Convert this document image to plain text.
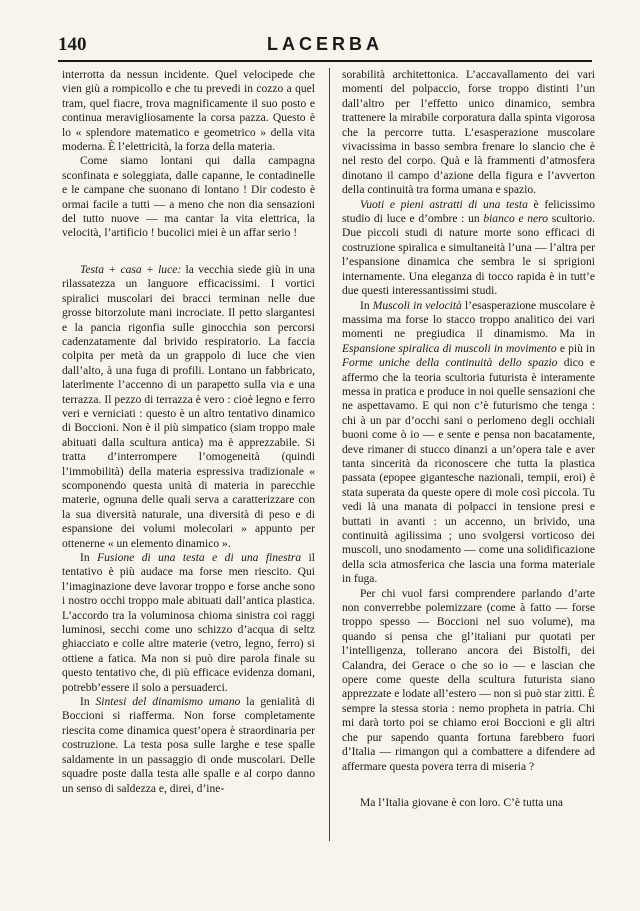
140	LACERBA

interrotta da nessun incidente. Quel velocipede che vien giù a rompicollo e che tu prevedi in cozzo a quel tram, quel fiacre, trova magnificamente il suo posto e continua meravigliosamente la corsa pazza. Questo è lo « splendore matematico e geometrico » della vita moderna. È l’elettricità, la forza della materia.

Come siamo lontani qui dalla campagna sconfinata e soleggiata, dalle capanne, le contadinelle e le campane che suonano di lontano ! Dir codesto è ormai facile a tutti — a meno che non dia sensazioni del tutto nuove — ma cantar la vita elettrica, la velocità, l’artificio ! bucolici miei è un affar serio !

Testa + casa + luce: la vecchia siede giù in una rilassatezza un languore efficacissimi. I vortici spiralici muscolari dei bracci terminan nelle due grosse bitorzolute mani incrociate. Il petto slargantesi e la pancia rigonfia sulle ginocchia son percorsi cadenzatamente dal brivido respiratorio. La faccia colpita per metà da un grappolo di luce che vien dall’alto, à una fuga di profili. Lontano un fabbricato, laterlmente l’accenno di un parapetto sulla via e una terrazza. Il pezzo di terrazza è vero : cioè legno e ferro veri e verniciati : questo è un altro tentativo dinamico di Boccioni. Non è il più simpatico (siam troppo male abituati dalla scultura antica) ma è apprezzabile. Si tratta d’interrompere l’omogeneità (quindi l’immobilità) della materia espressiva tradizionale « scomponendo questa unità di materia in parecchie materie, ognuna delle quali serva a caratterizzare con la sua diversità naturale, una diversità di peso e di espansione dei volumi molecolari » appunto per ottenerne « un elemento dinamico ».

In Fusione di una testa e di una finestra il tentativo è più audace ma forse men riescito. Qui l’imaginazione deve lavorar troppo e forse anche sono i nostro occhi troppo male abituati dall’antica plastica. L’accordo tra la voluminosa chioma sinistra coi raggi luminosi, secchi come uno schizzo d’acqua di seltz ghiacciato e colle altre materie (vetro, legno, ferro) si ottiene a fatica. Ma non si può dire parola finale su questo tentativo che, di più efficace evidenza domani, potrebb’essere il solo a persuaderci.

In Sintesi del dinamismo umano la genialità di Boccioni si riafferma. Non forse completamente riescita come dinamica quest’opera è straordinaria per costruzione. La testa posa sulle larghe e tese spalle saldamente in un passaggio di onde muscolari. Delle squadre poste dalla testa alle spalle e al corpo danno un senso di saldezza e, direi, d’ine-

sorabilità architettonica. L’accavallamento dei vari momenti del polpaccio, forse troppo distinti l’un dall’altro per l’effetto unico dinamico, sembra trattenere la mirabile corporatura dalla spinta vigorosa che la percorre tutta. L’esasperazione muscolare vivacissima in basso sembra frenare lo slancio che è nel resto del corpo. Quà e là frammenti d’atmosfera dinotano il campo d’azione della figura e l’avverton della continuità tra forma umana e spazio.

Vuoti e pieni astratti di una testa è felicissimo studio di luce e d’ombre : un bianco e nero scultorio. Due piccoli studi di nature morte sono efficaci di costruzione spiralica e simultaneità l’una — l’altra per l’espansione dinamica che sembra le si sprigioni internamente. Una eleganza di tocco rapida è in tutt’e due questi interessantissimi studi.

In Muscoli in velocità l’esasperazione muscolare è massima ma forse lo stacco troppo analitico dei vari momenti ne pregiudica il dinamismo. Ma in Espansione spiralica di muscoli in movimento e più in Forme uniche della continuità dello spazio dico e affermo che la teoria scultoria futurista è interamente messa in pratica e produce in noi quelle sensazioni che ne aspettavamo. E qui non c’è futurismo che tenga : chi à un par d’occhi sani o perlomeno degli occhiali buoni come ò io — e sente e pensa non bacatamente, deve rimaner di stucco dinanzi a un’opera tale e aver tanta sincerità da riconoscere che tutta la plastica passata (epopee gigantesche nazionali, tempii, eroi) è stata superata da queste opere di mole così piccola. Tu vedi là una manata di polpacci in tensione presi e buttati in avanti : un accenno, un brivido, una continuità agilissima ; uno svolgersi vorticoso dei muscoli, uno snodamento — come una solidificazione della scia atmosferica che lascia una forma materiale in fuga.

Per chi vuol farsi comprendere parlando d’arte non converrebbe polemizzare (come à fatto — forse troppo spesso — Boccioni nel suo volume), ma quando si pensa che gl’italiani pur quotati per l’intelligenza, tollerano ancora dei Bistolfi, dei Calandra, dei Gerace o che so io — e lascian che opere come queste della scultura futurista siano apprezzate e lodate all’estero — non si può star zitti. È sempre la stessa storia : nemo propheta in patria. Chi mi darà torto poi se chiamo eroi Boccioni e gli altri che pur sapendo quanta fortuna farebbero fuori d’Italia — rimangon qui a combattere a difendere ad affermare questa povera terra di miseria ?

Ma l’Italia giovane è con loro. C’è tutta una
